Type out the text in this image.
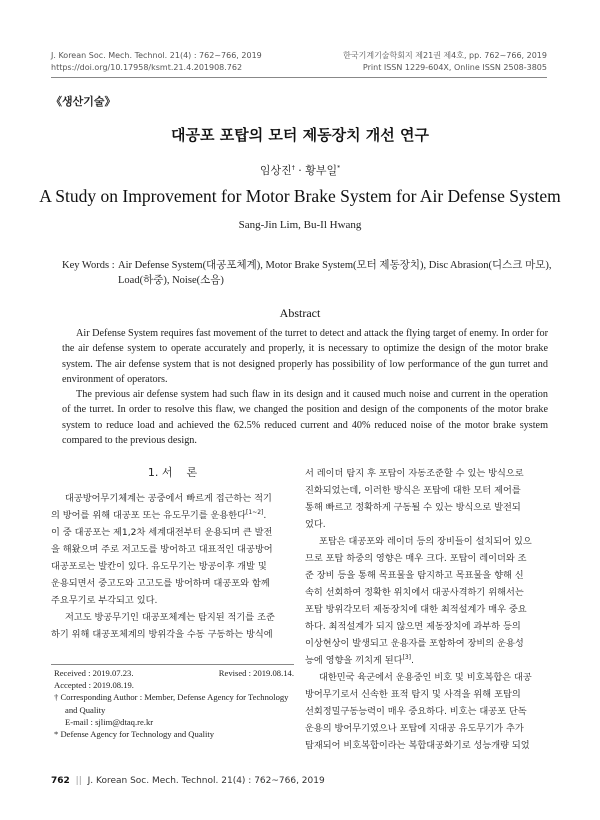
J. Korean Soc. Mech. Technol. 21(4) : 762~766, 2019
https://doi.org/10.17958/ksmt.21.4.201908.762
한국기계기술학회지 제21권 제4호, pp. 762~766, 2019
Print ISSN 1229-604X, Online ISSN 2508-3805
《생산기술》
대공포 포탑의 모터 제동장치 개선 연구
임상진† · 황부일*
A Study on Improvement for Motor Brake System for Air Defense System
Sang-Jin Lim, Bu-Il Hwang
Key Words : Air Defense System(대공포체계), Motor Brake System(모터 제동장치), Disc Abrasion(디스크 마모),
Load(하중), Noise(소음)
Abstract

Air Defense System requires fast movement of the turret to detect and attack the flying target of enemy. In order for the air defense system to operate accurately and properly, it is necessary to optimize the design of the motor brake system. The air defense system that is not designed properly has possibility of low performance of the gun turret and environment of operators.

The previous air defense system had such flaw in its design and it caused much noise and current in the operation of the turret. In order to resolve this flaw, we changed the position and design of the components of the motor brake system to reduce load and achieved the 62.5% reduced current and 40% reduced noise of the motor brake system compared to the previous design.

1. 서    론
대공방어무기체계는 공중에서 빠르게 접근하는 적기
의 방어를 위해 대공포 또는 유도무기를 운용한다[1~2].
이 중 대공포는 제1,2차 세계대전부터 운용되며 큰 발전
을 해왔으며 주로 저고도를 방어하고 대표적인 대공방어
대공포로는 발칸이 있다. 유도무기는 방공이후 개발 및
운용되면서 중고도와 고고도를 방어하며 대공포와 함께
주요무기로 부각되고 있다.
저고도 방공무기인 대공포체계는 탐지된 적기를 조준
하기 위해 대공포체계의 방위각을 수동 구동하는 방식에
Received : 2019.07.23.	Revised : 2019.08.14.
Accepted : 2019.08.19.
† Corresponding Author : Member, Defense Agency for Technology
and Quality
E-mail : sjlim@dtaq.re.kr
* Defense Agency for Technology and Quality
서 레이더 탐지 후 포탑이 자동조준할 수 있는 방식으로
진화되었는데, 이러한 방식은 포탑에 대한 모터 제어를
통해 빠르고 정확하게 구동될 수 있는 방식으로 발전되
었다.
포탑은 대공포와 레이더 등의 장비들이 설치되어 있으
므로 포탑 하중의 영향은 매우 크다. 포탑이 레이더와 조
준 장비 등을 통해 목표물을 탐지하고 목표물을 향해 신
속히 선회하여 정확한 위치에서 대공사격하기 위해서는
포탑 방위각모터 제동장치에 대한 최적설계가 매우 중요
하다. 최적설계가 되지 않으면 제동장치에 과부하 등의
이상현상이 발생되고 운용자를 포함하여 장비의 운용성
능에 영향을 끼치게 된다[3].
대한민국 육군에서 운용중인 비호 및 비호복합은 대공
방어무기로서 신속한 표적 탐지 및 사격을 위해 포탑의
선회정밀구동능력이 매우 중요하다. 비호는 대공포 단독
운용의 방어무기였으나 포탑에 지대공 유도무기가 추가
탑재되어 비호복합이라는 복합대공화기로 성능개량 되었
762 || J. Korean Soc. Mech. Technol. 21(4) : 762~766, 2019
